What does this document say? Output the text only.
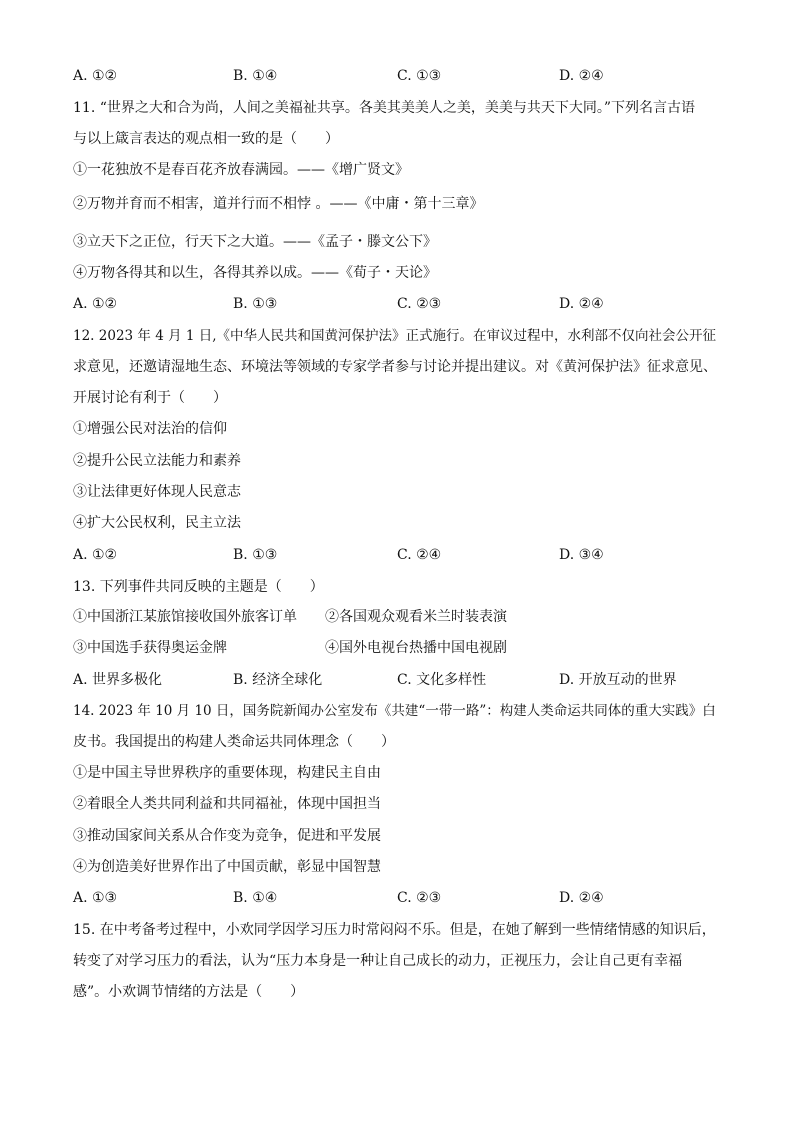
A. ①②	B. ①④	C. ①③	D. ②④
11. “世界之大和合为尚，人间之美福祉共享。各美其美美人之美，美美与共天下大同。”下列名言古语
与以上箴言表达的观点相一致的是（　　）
①一花独放不是春百花齐放春满园。——《增广贤文》
②万物并育而不相害，道并行而不相悖 。——《中庸・第十三章》
③立天下之正位，行天下之大道。——《孟子・滕文公下》
④万物各得其和以生，各得其养以成。——《荀子・天论》
A. ①②	B. ①③	C. ②③	D. ②④
12. 2023 年 4 月 1 日,《中华人民共和国黄河保护法》正式施行。在审议过程中，水利部不仅向社会公开征
求意见，还邀请湿地生态、环境法等领域的专家学者参与讨论并提出建议。对《黄河保护法》征求意见、
开展讨论有利于（　　）
①增强公民对法治的信仰
②提升公民立法能力和素养
③让法律更好体现人民意志
④扩大公民权利，民主立法
A. ①②	B. ①③	C. ②④	D. ③④
13. 下列事件共同反映的主题是（　　）
①中国浙江某旅馆接收国外旅客订单　　②各国观众观看米兰时装表演
③中国选手获得奥运金牌　　　　　　　④国外电视台热播中国电视剧
A. 世界多极化	B. 经济全球化	C. 文化多样性	D. 开放互动的世界
14. 2023 年 10 月 10 日，国务院新闻办公室发布《共建“一带一路”：构建人类命运共同体的重大实践》白
皮书。我国提出的构建人类命运共同体理念（　　）
①是中国主导世界秩序的重要体现，构建民主自由
②着眼全人类共同利益和共同福祉，体现中国担当
③推动国家间关系从合作变为竞争，促进和平发展
④为创造美好世界作出了中国贡献，彰显中国智慧
A. ①③	B. ①④	C. ②③	D. ②④
15. 在中考备考过程中，小欢同学因学习压力时常闷闷不乐。但是，在她了解到一些情绪情感的知识后，
转变了对学习压力的看法，认为“压力本身是一种让自己成长的动力，正视压力，会让自己更有幸福
感”。小欢调节情绪的方法是（　　）
